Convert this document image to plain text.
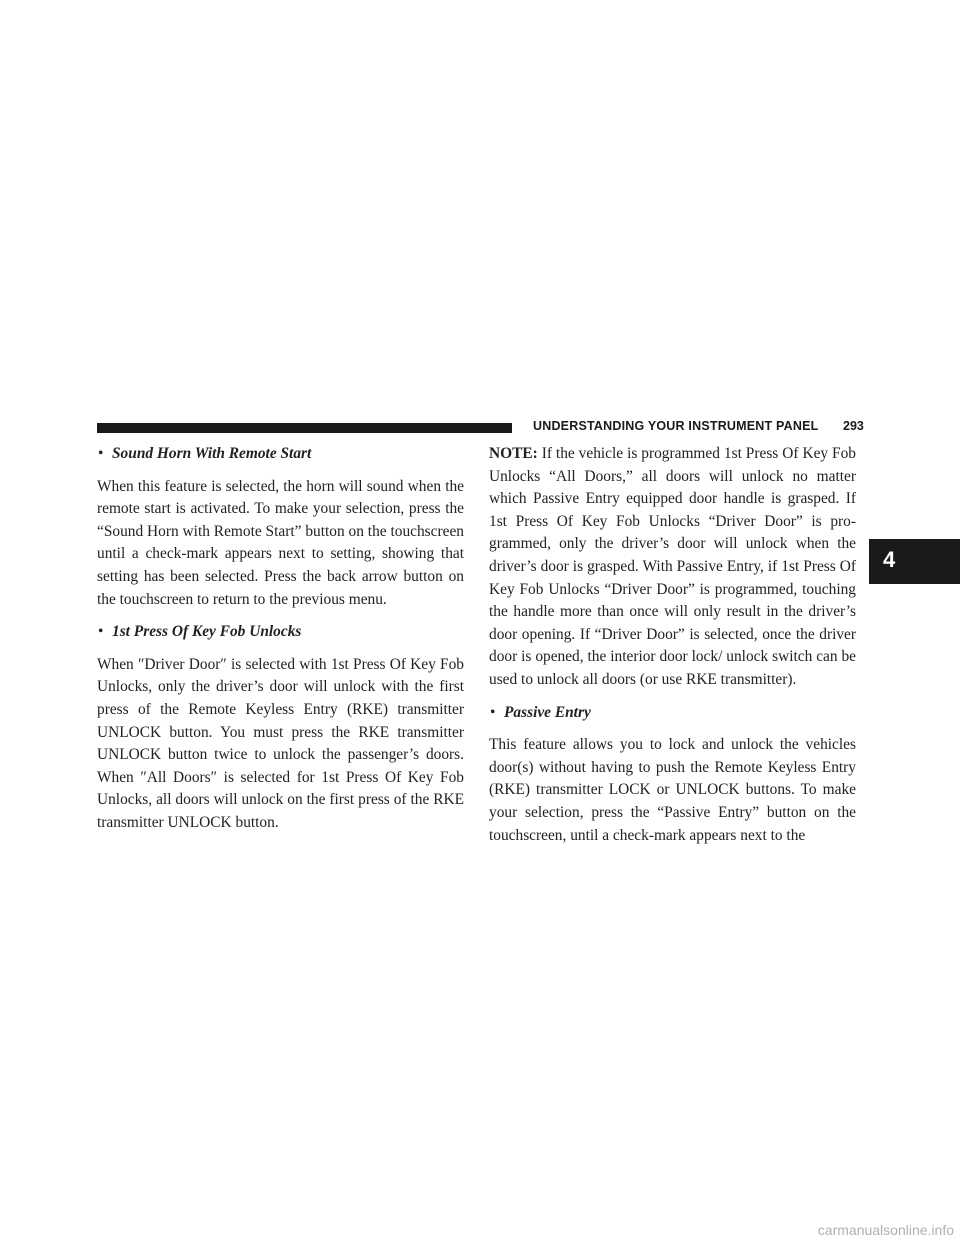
UNDERSTANDING YOUR INSTRUMENT PANEL 293
4

• Sound Horn With Remote Start

When this feature is selected, the horn will sound when the remote start is activated. To make your selection, press the “Sound Horn with Remote Start” button on the touchscreen until a check-mark appears next to setting, showing that setting has been selected. Press the back arrow button on the touchscreen to return to the previous menu.

• 1st Press Of Key Fob Unlocks

When ″Driver Door″ is selected with 1st Press Of Key Fob Unlocks, only the driver’s door will unlock with the first press of the Remote Keyless Entry (RKE) transmitter UNLOCK button. You must press the RKE transmitter UNLOCK button twice to unlock the passenger’s doors. When ″All Doors″ is selected for 1st Press Of Key Fob Unlocks, all doors will unlock on the first press of the RKE transmitter UNLOCK button.

NOTE: If the vehicle is programmed 1st Press Of Key Fob Unlocks “All Doors,” all doors will unlock no matter which Passive Entry equipped door handle is grasped. If 1st Press Of Key Fob Unlocks “Driver Door” is programmed, only the driver’s door will unlock when the driver’s door is grasped. With Passive Entry, if 1st Press Of Key Fob Unlocks “Driver Door” is programmed, touching the handle more than once will only result in the driver’s door opening. If “Driver Door” is selected, once the driver door is opened, the interior door lock/ unlock switch can be used to unlock all doors (or use RKE transmitter).

• Passive Entry

This feature allows you to lock and unlock the vehicles door(s) without having to push the Remote Keyless Entry (RKE) transmitter LOCK or UNLOCK buttons. To make your selection, press the “Passive Entry” button on the touchscreen, until a check-mark appears next to the

carmanualsonline.info
